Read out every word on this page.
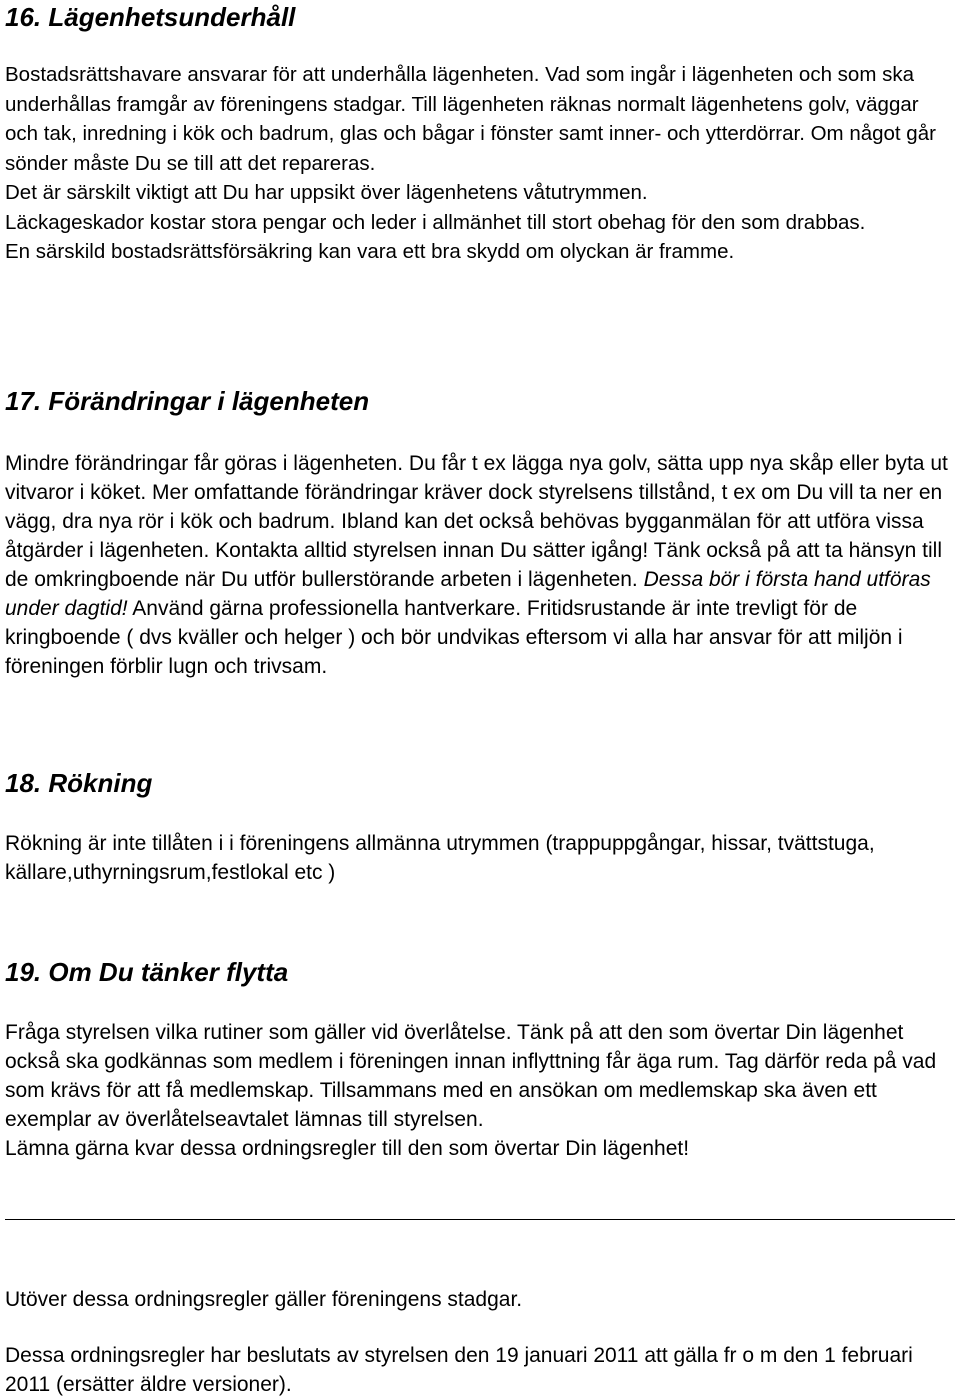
16. Lägenhetsunderhåll

Bostadsrättshavare ansvarar för att underhålla lägenheten. Vad som ingår i lägenheten och som ska underhållas framgår av föreningens stadgar. Till lägenheten räknas normalt lägenhetens golv, väggar och tak, inredning i kök och badrum, glas och bågar i fönster samt inner- och ytterdörrar. Om något går sönder måste Du se till att det repareras.

Det är särskilt viktigt att Du har uppsikt över lägenhetens våtutrymmen.

Läckageskador kostar stora pengar och leder i allmänhet till stort obehag för den som drabbas.

En särskild bostadsrättsförsäkring kan vara ett bra skydd om olyckan är framme.

17. Förändringar i lägenheten

Mindre förändringar får göras i lägenheten. Du får t ex lägga nya golv, sätta upp nya skåp eller byta ut vitvaror i köket. Mer omfattande förändringar kräver dock styrelsens tillstånd, t ex om Du vill ta ner en vägg, dra nya rör i kök och badrum. Ibland kan det också behövas bygganmälan för att utföra vissa åtgärder i lägenheten. Kontakta alltid styrelsen innan Du sätter igång! Tänk också på att ta hänsyn till de omkringboende när Du utför bullerstörande arbeten i lägenheten. Dessa bör i första hand utföras under dagtid! Använd gärna professionella hantverkare. Fritidsrustande är inte trevligt för de kringboende ( dvs kväller och helger ) och bör undvikas eftersom vi alla har ansvar för att miljön i föreningen förblir lugn och trivsam.

18. Rökning

Rökning är inte tillåten i i föreningens allmänna utrymmen (trappuppgångar, hissar, tvättstuga, källare,uthyrningsrum,festlokal etc )

19. Om Du tänker flytta

Fråga styrelsen vilka rutiner som gäller vid överlåtelse. Tänk på att den som övertar Din lägenhet också ska godkännas som medlem i föreningen innan inflyttning får äga rum. Tag därför reda på vad som krävs för att få medlemskap. Tillsammans med en ansökan om medlemskap ska även ett exemplar av överlåtelseavtalet lämnas till styrelsen.

Lämna gärna kvar dessa ordningsregler till den som övertar Din lägenhet!

Utöver dessa ordningsregler gäller föreningens stadgar.

Dessa ordningsregler har beslutats av styrelsen den 19 januari 2011 att gälla fr o m den 1 februari 2011 (ersätter äldre versioner).
